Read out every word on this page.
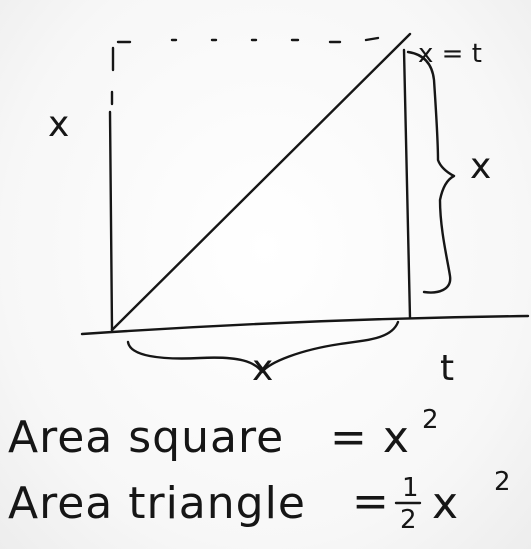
x
x = t
x
x	t
Area square = x 2
Area triangle = 1
2 x 2
